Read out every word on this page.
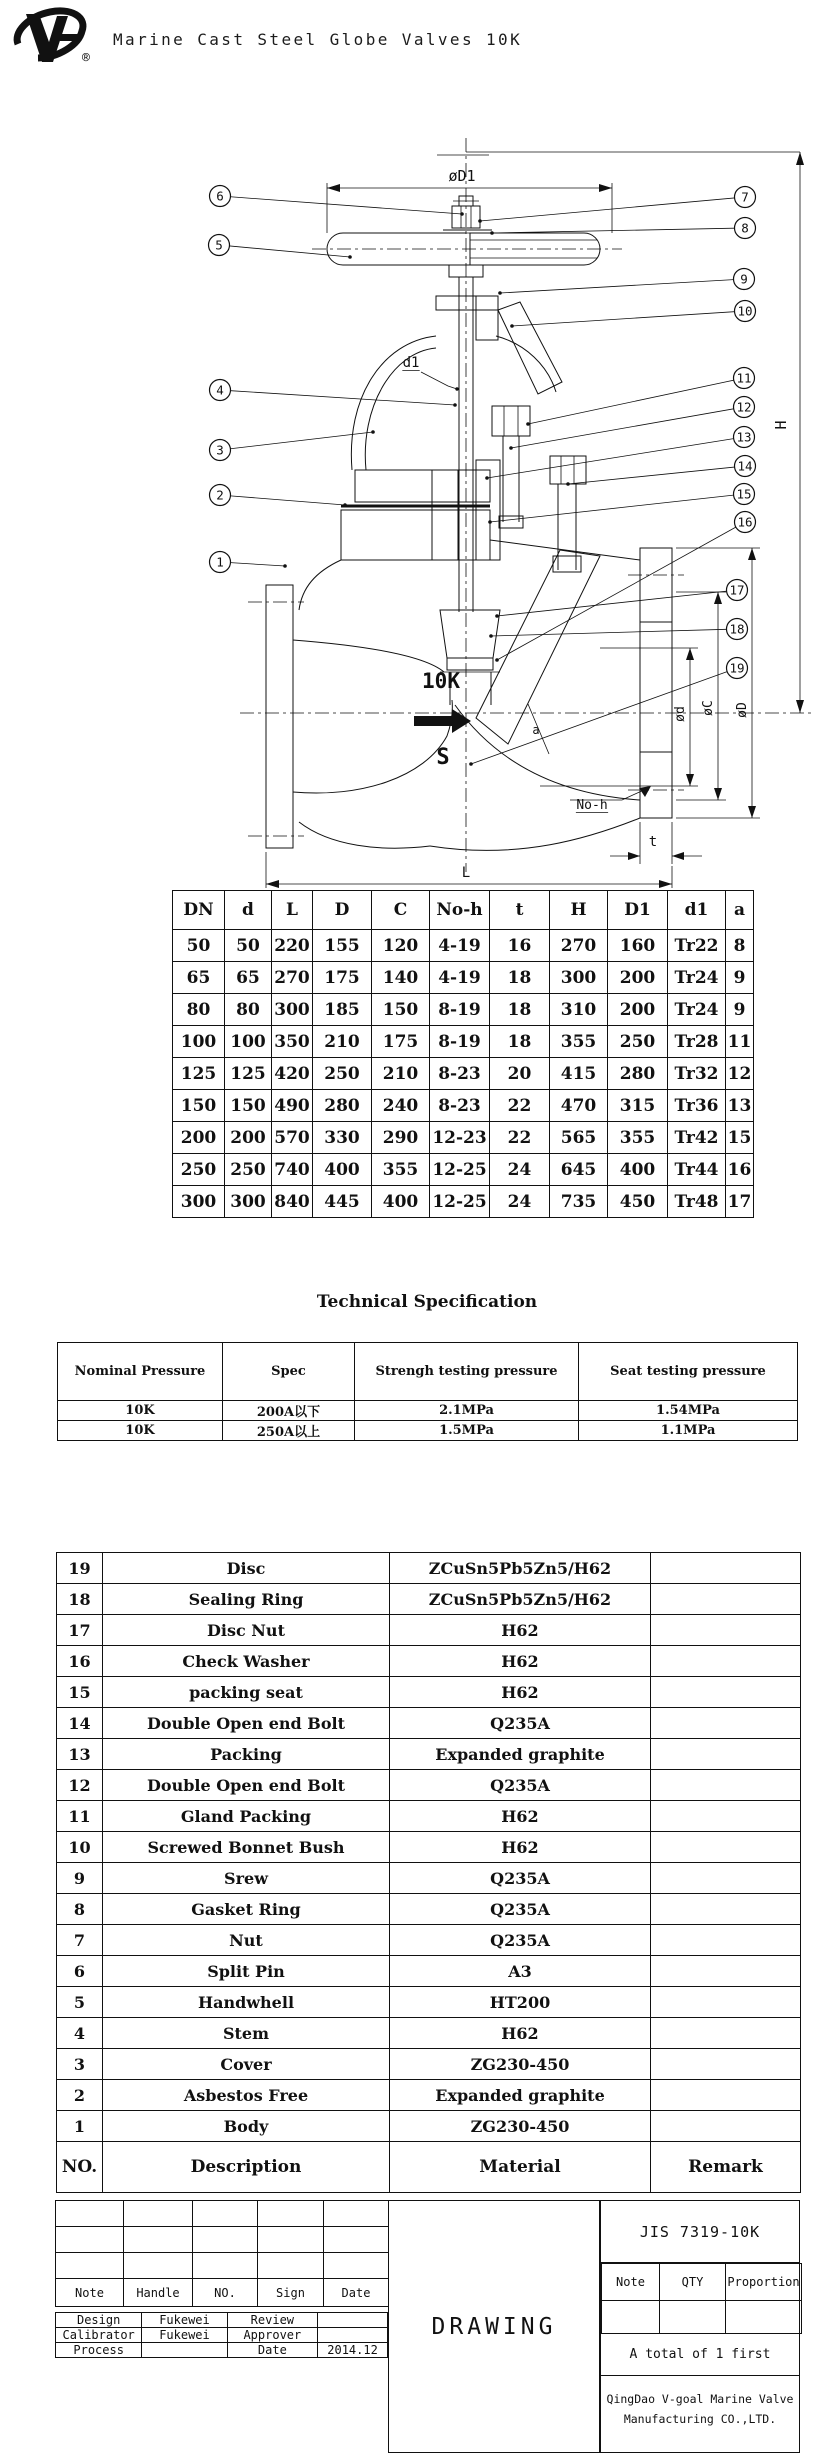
®
Marine Cast Steel Globe Valves 10K
1
2
3
4
5
6	7
8
9
10
11
12
13
14
15
16
17
18
19
øD1
d1
H
10K
S
ød øC øD
No-h
t
L
a
DN	d	L	D	C	No-h	t	H	D1	d1	a
50	50	220	155	120	4-19	16	270	160	Tr22	8
65	65	270	175	140	4-19	18	300	200	Tr24	9
80	80	300	185	150	8-19	18	310	200	Tr24	9
100	100	350	210	175	8-19	18	355	250	Tr28	11
125	125	420	250	210	8-23	20	415	280	Tr32	12
150	150	490	280	240	8-23	22	470	315	Tr36	13
200	200	570	330	290	12-23	22	565	355	Tr42	15
250	250	740	400	355	12-25	24	645	400	Tr44	16
300	300	840	445	400	12-25	24	735	450	Tr48	17
Technical Specification
Nominal Pressure	Spec	Strengh testing pressure	Seat testing pressure
10K	200A以下	2.1MPa	1.54MPa
10K	250A以上	1.5MPa	1.1MPa
19	Disc	ZCuSn5Pb5Zn5/H62	
18	Sealing Ring	ZCuSn5Pb5Zn5/H62	
17	Disc Nut	H62	
16	Check Washer	H62	
15	packing seat	H62	
14	Double Open end Bolt	Q235A	
13	Packing	Expanded graphite	
12	Double Open end Bolt	Q235A	
11	Gland Packing	H62	
10	Screwed Bonnet Bush	H62	
9	Srew	Q235A	
8	Gasket Ring	Q235A	
7	Nut	Q235A	
6	Split Pin	A3	
5	Handwhell	HT200	
4	Stem	H62	
3	Cover	ZG230-450	
2	Asbestos Free	Expanded graphite	
1	Body	ZG230-450	
NO.	Description	Material	Remark

Note	Handle	NO.	Sign	Date
Design	Fukewei	Review	
Calibrator	Fukewei	Approver	
Process		Date	2014.12
DRAWING
JIS 7319-10K
Note	QTY	Proportion

A total of 1 first
QingDao V-goal Marine Valve
Manufacturing CO.,LTD.
